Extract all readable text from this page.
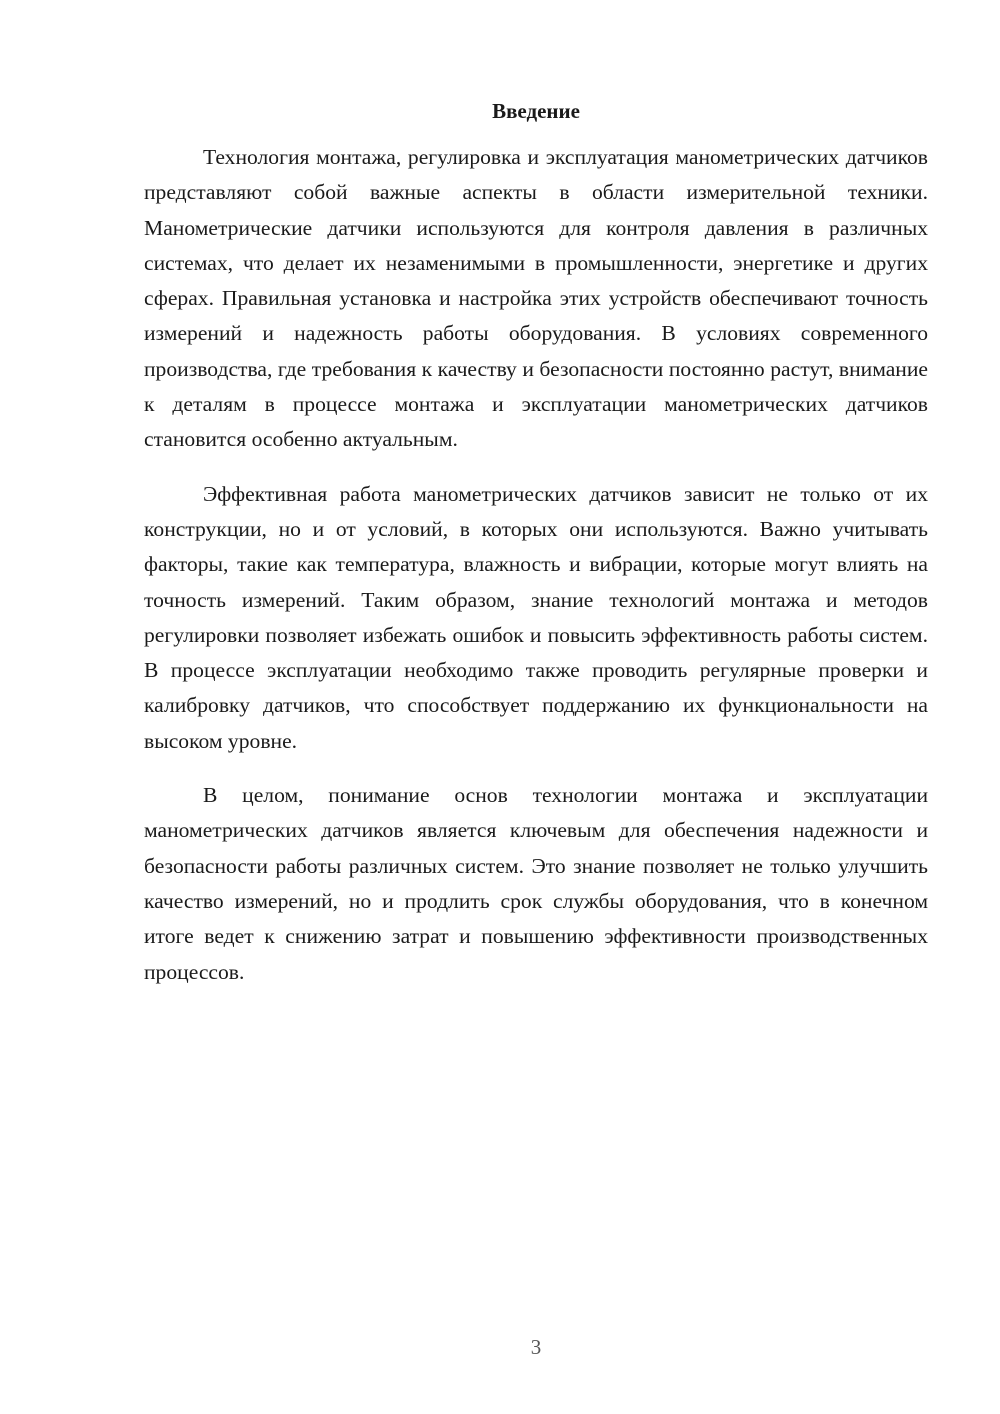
Введение

Технология монтажа, регулировка и эксплуатация манометрических датчиков представляют собой важные аспекты в области измерительной техники. Манометрические датчики используются для контроля давления в различных системах, что делает их незаменимыми в промышленности, энергетике и других сферах. Правильная установка и настройка этих устройств обеспечивают точность измерений и надежность работы оборудования. В условиях современного производства, где требования к качеству и безопасности постоянно растут, внимание к деталям в процессе монтажа и эксплуатации манометрических датчиков становится особенно актуальным.

Эффективная работа манометрических датчиков зависит не только от их конструкции, но и от условий, в которых они используются. Важно учитывать факторы, такие как температура, влажность и вибрации, которые могут влиять на точность измерений. Таким образом, знание технологий монтажа и методов регулировки позволяет избежать ошибок и повысить эффективность работы систем. В процессе эксплуатации необходимо также проводить регулярные проверки и калибровку датчиков, что способствует поддержанию их функциональности на высоком уровне.

В целом, понимание основ технологии монтажа и эксплуатации манометрических датчиков является ключевым для обеспечения надежности и безопасности работы различных систем. Это знание позволяет не только улучшить качество измерений, но и продлить срок службы оборудования, что в конечном итоге ведет к снижению затрат и повышению эффективности производственных процессов.

3
